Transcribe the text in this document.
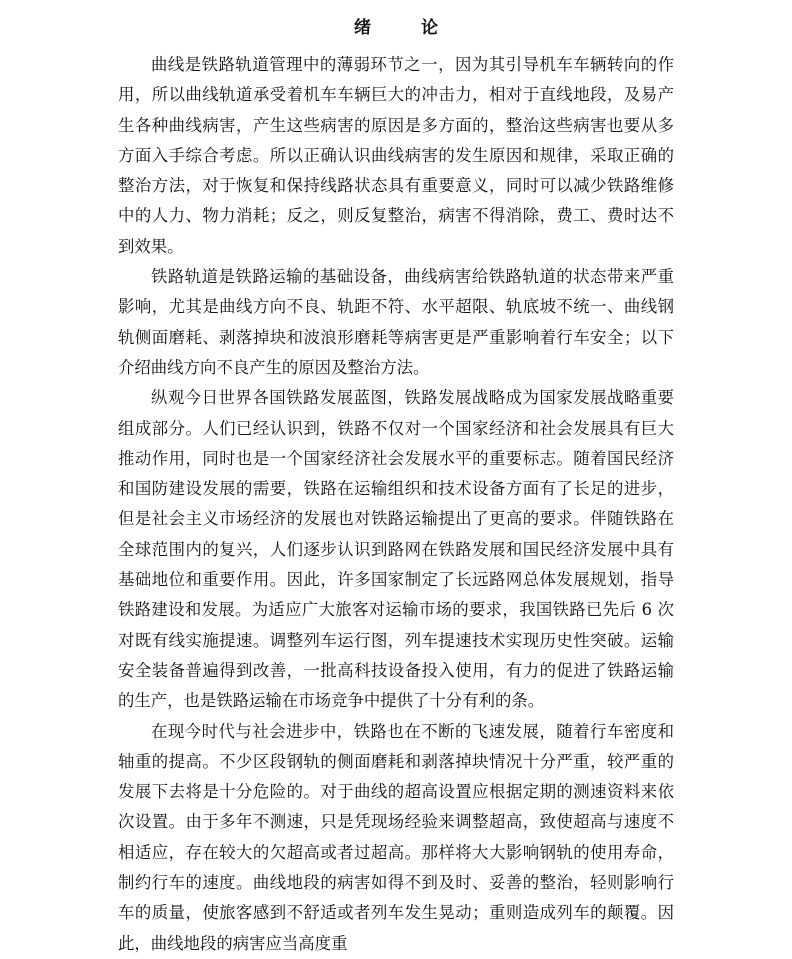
绪 论

曲线是铁路轨道管理中的薄弱环节之一，因为其引导机车车辆转向的作用，所以曲线轨道承受着机车车辆巨大的冲击力，相对于直线地段，及易产生各种曲线病害，产生这些病害的原因是多方面的，整治这些病害也要从多方面入手综合考虑。所以正确认识曲线病害的发生原因和规律，采取正确的整治方法，对于恢复和保持线路状态具有重要意义，同时可以减少铁路维修中的人力、物力消耗；反之，则反复整治，病害不得消除，费工、费时达不到效果。

铁路轨道是铁路运输的基础设备，曲线病害给铁路轨道的状态带来严重影响，尤其是曲线方向不良、轨距不符、水平超限、轨底坡不统一、曲线钢轨侧面磨耗、剥落掉块和波浪形磨耗等病害更是严重影响着行车安全；以下介绍曲线方向不良产生的原因及整治方法。

纵观今日世界各国铁路发展蓝图，铁路发展战略成为国家发展战略重要组成部分。人们已经认识到，铁路不仅对一个国家经济和社会发展具有巨大推动作用，同时也是一个国家经济社会发展水平的重要标志。随着国民经济和国防建设发展的需要，铁路在运输组织和技术设备方面有了长足的进步，但是社会主义市场经济的发展也对铁路运输提出了更高的要求。伴随铁路在全球范围内的复兴，人们逐步认识到路网在铁路发展和国民经济发展中具有基础地位和重要作用。因此，许多国家制定了长远路网总体发展规划，指导铁路建设和发展。为适应广大旅客对运输市场的要求，我国铁路已先后 6 次对既有线实施提速。调整列车运行图，列车提速技术实现历史性突破。运输安全装备普遍得到改善，一批高科技设备投入使用，有力的促进了铁路运输的生产，也是铁路运输在市场竞争中提供了十分有利的条。

在现今时代与社会进步中，铁路也在不断的飞速发展，随着行车密度和轴重的提高。不少区段钢轨的侧面磨耗和剥落掉块情况十分严重，较严重的发展下去将是十分危险的。对于曲线的超高设置应根据定期的测速资料来依次设置。由于多年不测速，只是凭现场经验来调整超高，致使超高与速度不相适应，存在较大的欠超高或者过超高。那样将大大影响钢轨的使用寿命，制约行车的速度。曲线地段的病害如得不到及时、妥善的整治，轻则影响行车的质量，使旅客感到不舒适或者列车发生晃动；重则造成列车的颠覆。因此，曲线地段的病害应当高度重
